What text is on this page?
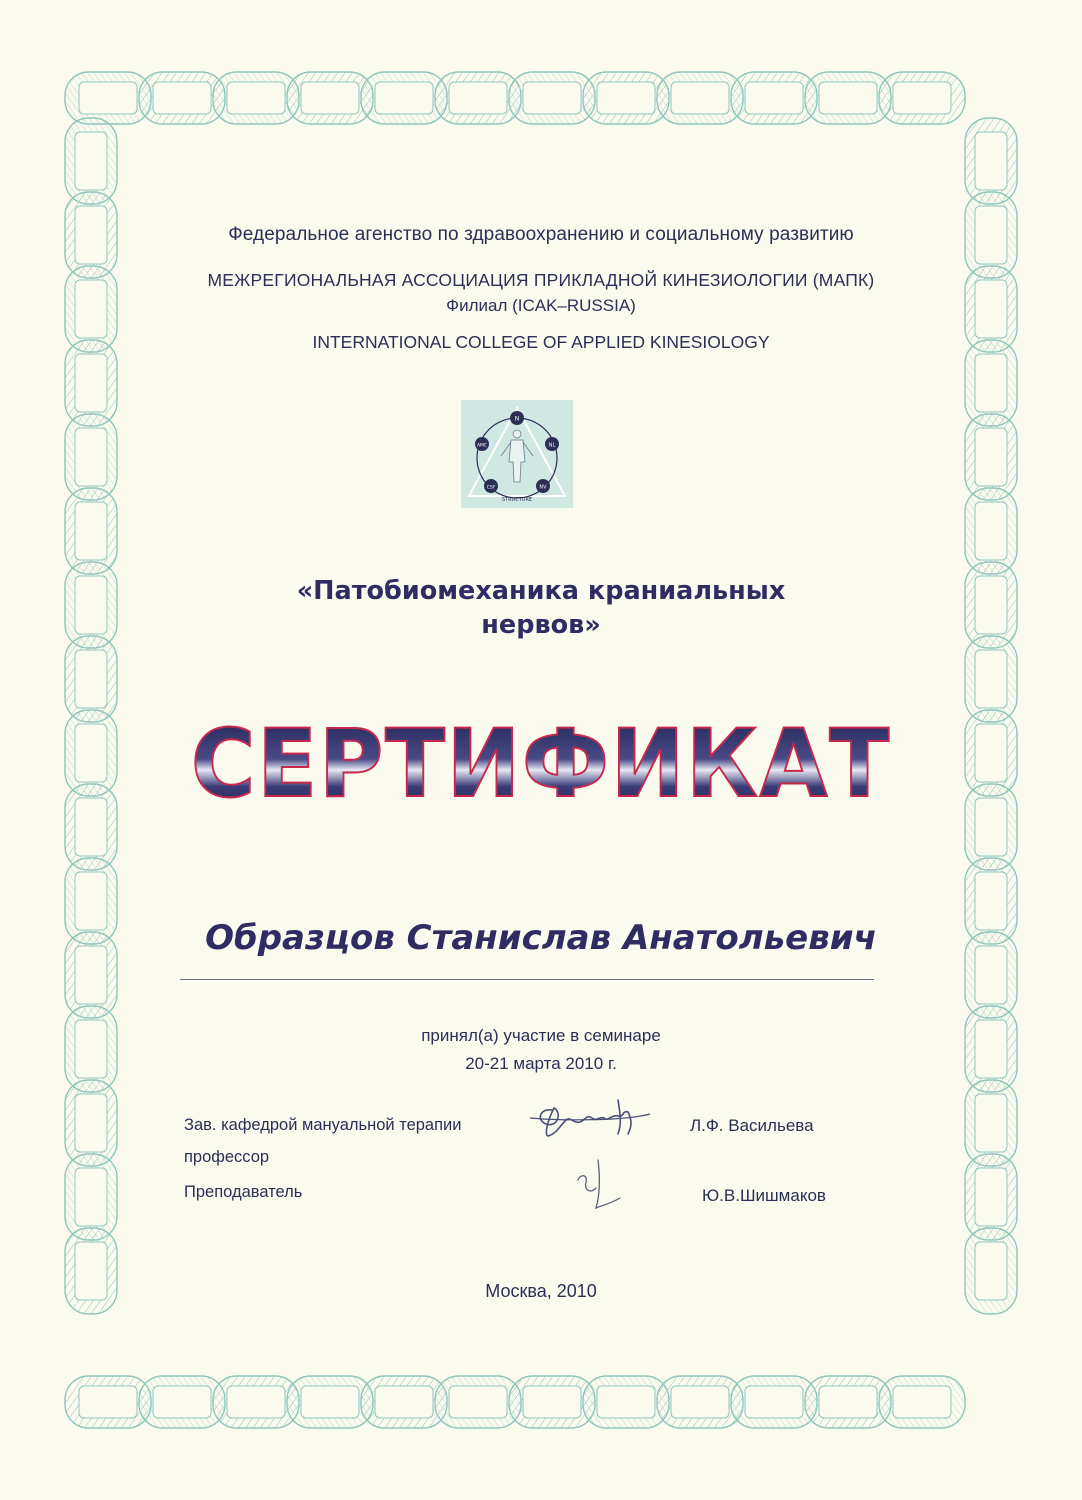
Федеральное агенство по здравоохранению и социальному развитию
МЕЖРЕГИОНАЛЬНАЯ АССОЦИАЦИЯ ПРИКЛАДНОЙ КИНЕЗИОЛОГИИ (МАПК)
Филиал (ICAK–RUSSIA)
INTERNATIONAL COLLEGE OF APPLIED KINESIOLOGY
N
AMC	NL
CSF	NV
STRUCTURE
«Патобиомеханика краниальных
нервов»
СЕРТИФИКАТ
Образцов Станислав Анатольевич
принял(а) участие в семинаре
20-21 марта 2010 г.
Зав. кафедрой мануальной терапии
профессор
Преподаватель
Л.Ф. Васильева
Ю.В.Шишмаков
Москва, 2010
